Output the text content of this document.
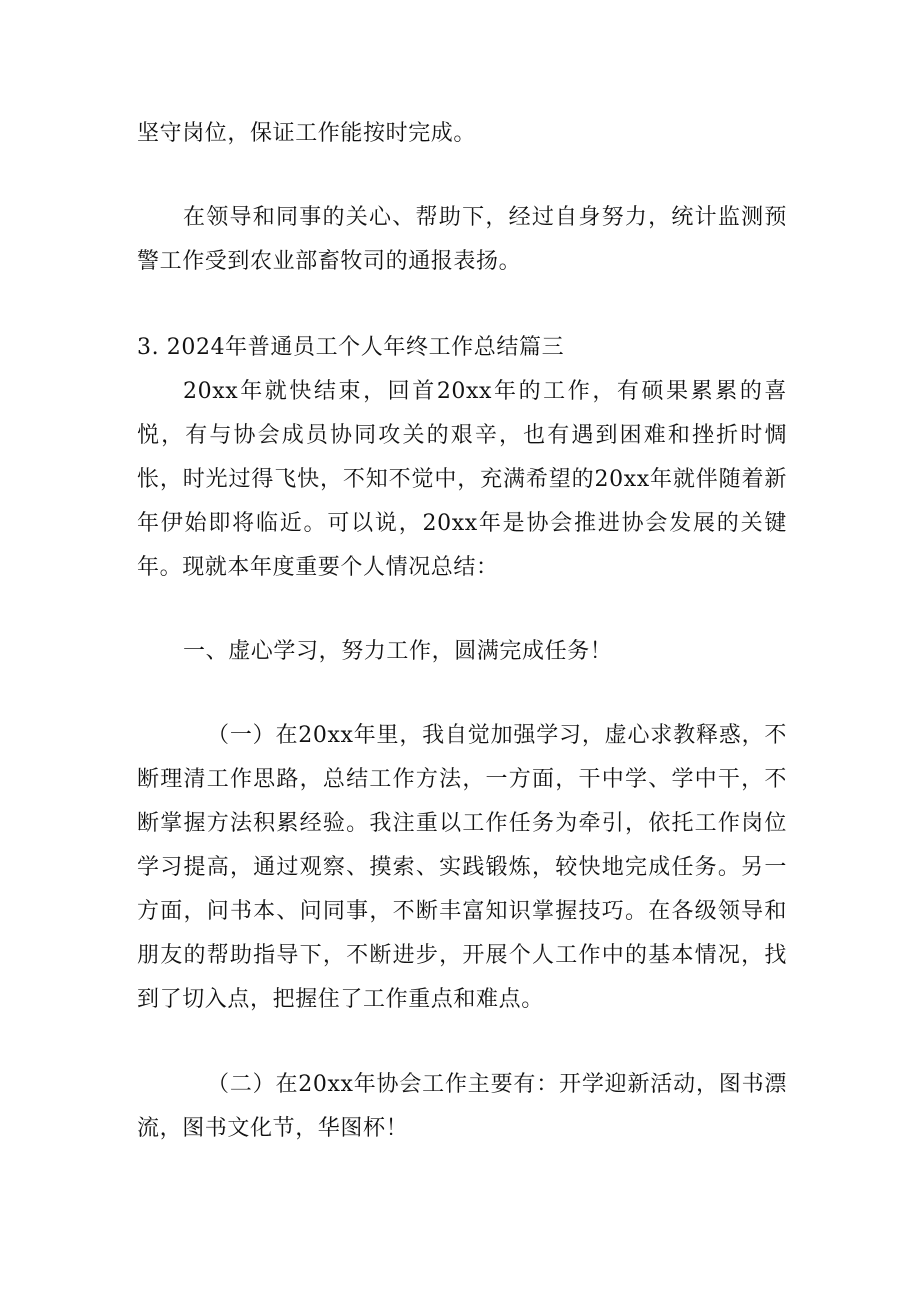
坚守岗位，保证工作能按时完成。

在领导和同事的关心、帮助下，经过自身努力，统计监测预警工作受到农业部畜牧司的通报表扬。

3. 2024年普通员工个人年终工作总结篇三

20xx年就快结束，回首20xx年的工作，有硕果累累的喜悦，有与协会成员协同攻关的艰辛，也有遇到困难和挫折时惆怅，时光过得飞快，不知不觉中，充满希望的20xx年就伴随着新年伊始即将临近。可以说，20xx年是协会推进协会发展的关键年。现就本年度重要个人情况总结：

一、虚心学习，努力工作，圆满完成任务！

（一）在20xx年里，我自觉加强学习，虚心求教释惑，不断理清工作思路，总结工作方法，一方面，干中学、学中干，不断掌握方法积累经验。我注重以工作任务为牵引，依托工作岗位学习提高，通过观察、摸索、实践锻炼，较快地完成任务。另一方面，问书本、问同事，不断丰富知识掌握技巧。在各级领导和朋友的帮助指导下，不断进步，开展个人工作中的基本情况，找到了切入点，把握住了工作重点和难点。

（二）在20xx年协会工作主要有：开学迎新活动，图书漂流，图书文化节，华图杯！
